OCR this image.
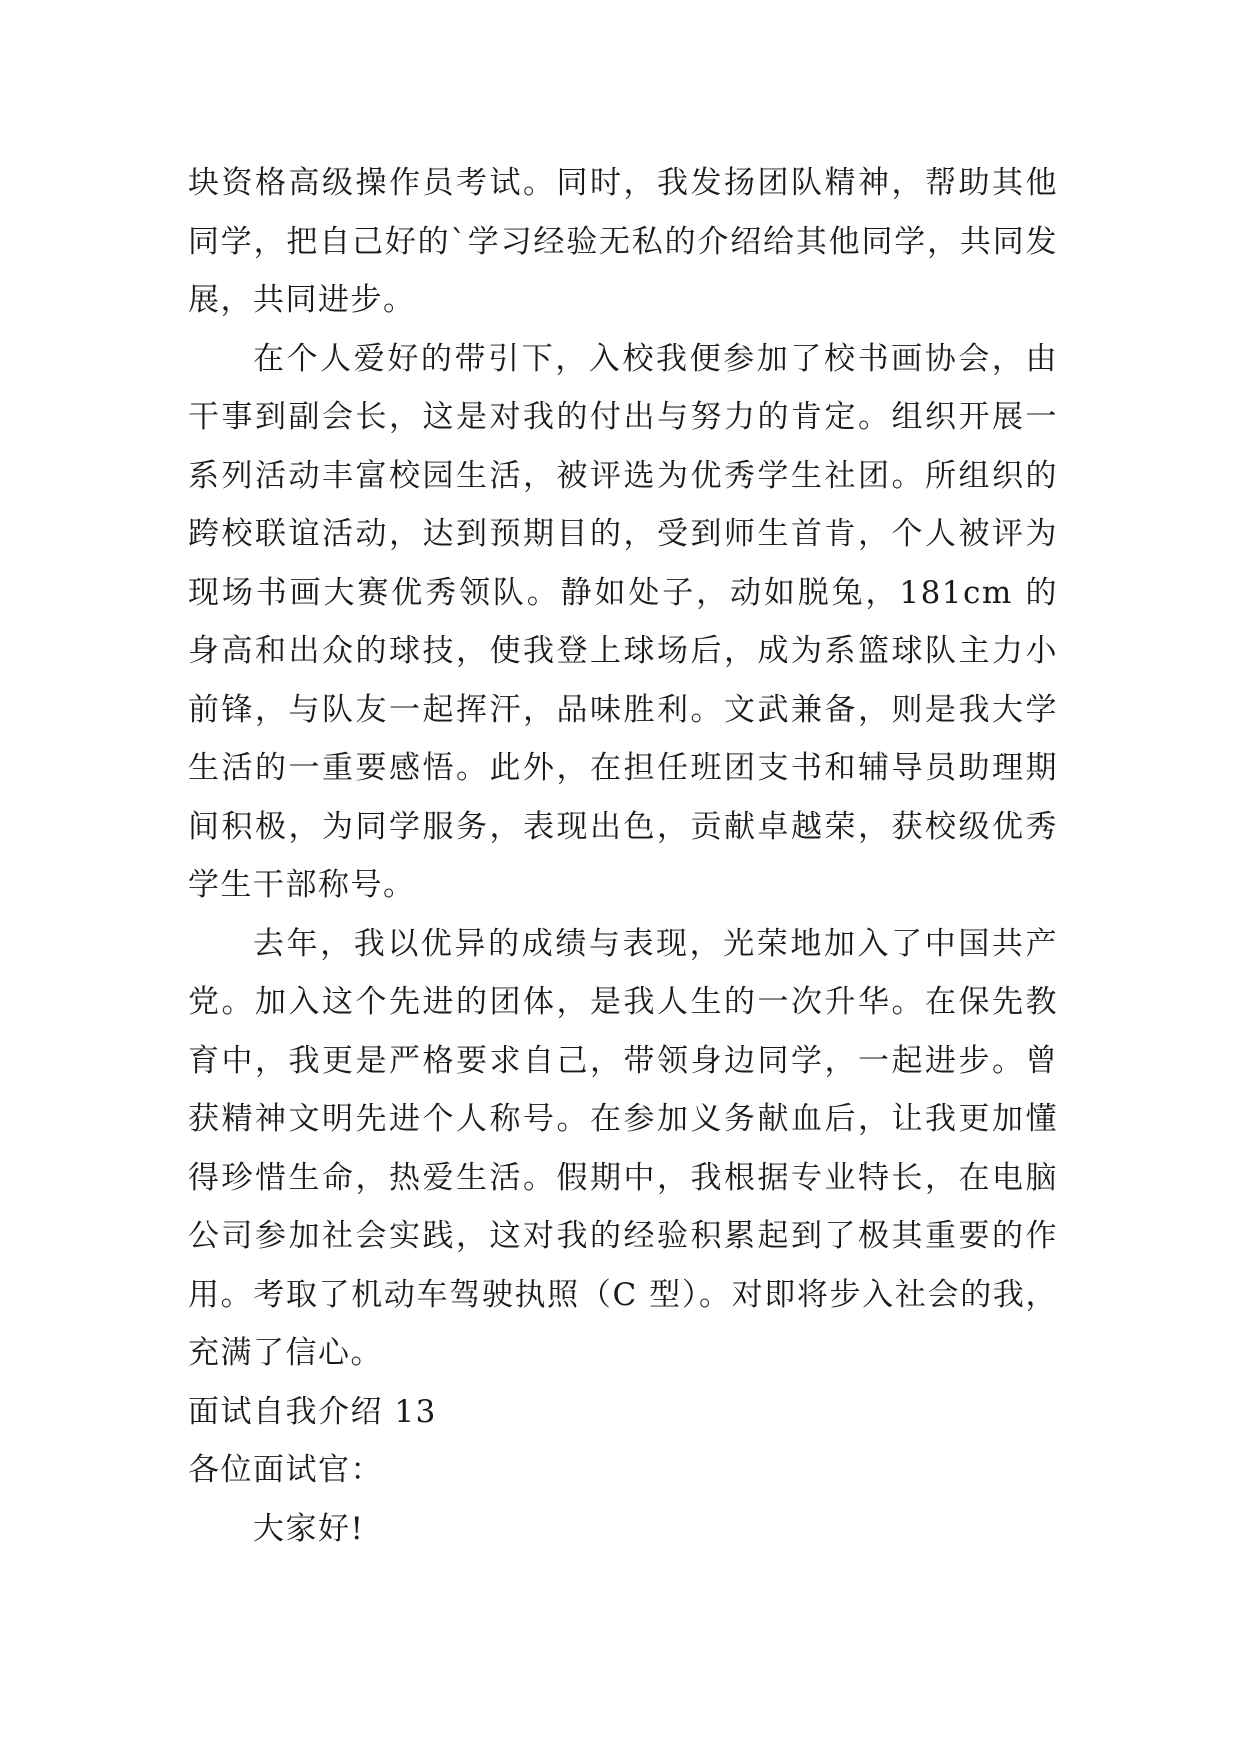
块资格高级操作员考试。同时，我发扬团队精神，帮助其他同学，把自己好的`学习经验无私的介绍给其他同学，共同发展，共同进步。

在个人爱好的带引下，入校我便参加了校书画协会，由干事到副会长，这是对我的付出与努力的肯定。组织开展一系列活动丰富校园生活，被评选为优秀学生社团。所组织的跨校联谊活动，达到预期目的，受到师生首肯，个人被评为现场书画大赛优秀领队。静如处子，动如脱兔，181cm 的身高和出众的球技，使我登上球场后，成为系篮球队主力小前锋，与队友一起挥汗，品味胜利。文武兼备，则是我大学生活的一重要感悟。此外，在担任班团支书和辅导员助理期间积极，为同学服务，表现出色，贡献卓越荣，获校级优秀学生干部称号。

去年，我以优异的成绩与表现，光荣地加入了中国共产党。加入这个先进的团体，是我人生的一次升华。在保先教育中，我更是严格要求自己，带领身边同学，一起进步。曾获精神文明先进个人称号。在参加义务献血后，让我更加懂得珍惜生命，热爱生活。假期中，我根据专业特长，在电脑公司参加社会实践，这对我的经验积累起到了极其重要的作用。考取了机动车驾驶执照（C 型）。对即将步入社会的我，充满了信心。

面试自我介绍 13

各位面试官：

大家好!
